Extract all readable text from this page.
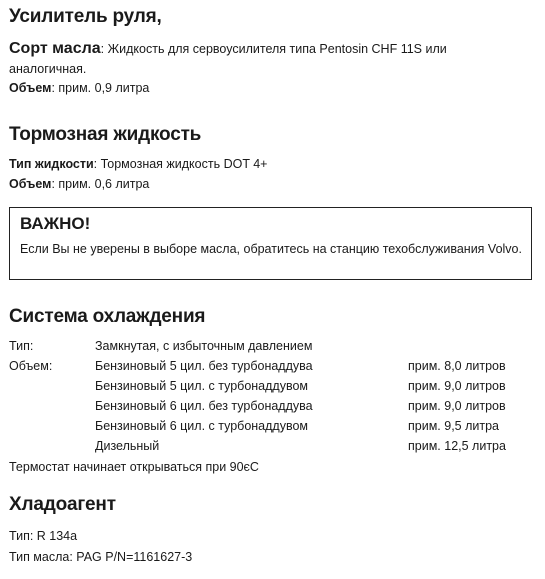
Усилитель руля,
Сорт масла: Жидкость для сервоусилителя типа Pentosin CHF 11S или
аналогичная.
Объем: прим. 0,9 литра
Тормозная жидкость
Тип жидкости: Тормозная жидкость DOT 4+
Объем: прим. 0,6 литра
ВАЖНО!
Если Вы не уверены в выборе масла, обратитесь на станцию техобслуживания Volvo.
Система охлаждения
Тип:	Замкнутая, с избыточным давлением
Объем:	Бензиновый 5 цил. без турбонаддува	прим. 8,0 литров
Бензиновый 5 цил. с турбонаддувом	прим. 9,0 литров
Бензиновый 6 цил. без турбонаддува	прим. 9,0 литров
Бензиновый 6 цил. с турбонаддувом	прим. 9,5 литра
Дизельный	прим. 12,5 литра
Термостат начинает открываться при 90єС
Хладоагент
Тип: R 134a
Тип масла: PAG P/N=1161627-3
